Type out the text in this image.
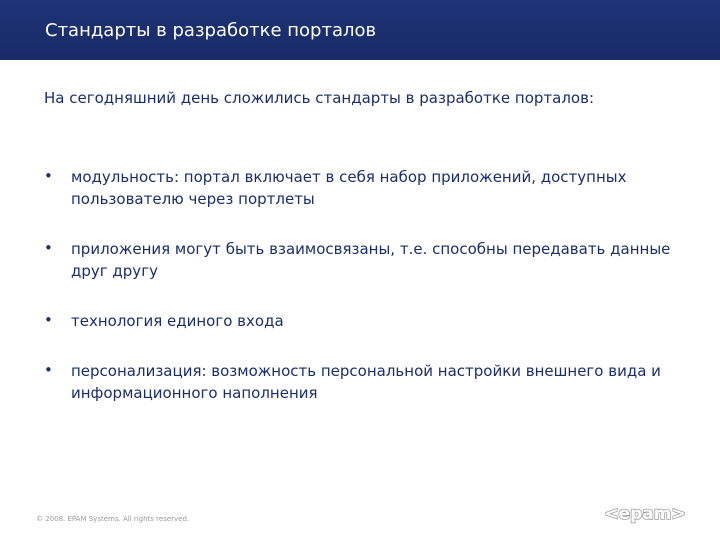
Стандарты в разработке порталов
На сегодняшний день сложились стандарты в разработке порталов:
• модульность: портал включает в себя набор приложений, доступных пользователю через портлеты
• приложения могут быть взаимосвязаны, т.е. способны передавать данные друг другу
• технология единого входа
• персонализация: возможность персональной настройки внешнего вида и информационного наполнения
© 2008. EPAM Systems. All rights reserved.	<epam>
